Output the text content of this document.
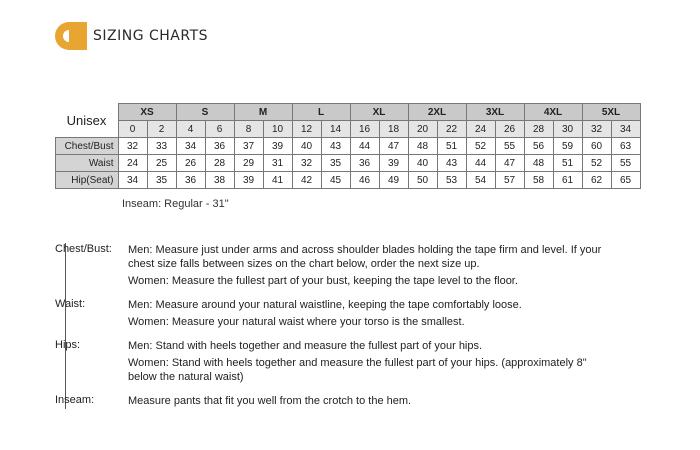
SIZING CHARTS
Unisex	XS		S		M		L		XL		2XL		3XL		4XL		5XL	
	0	2	4	6	8	10	12	14	16	18	20	22	24	26	28	30	32	34
Chest/Bust	32	33	34	36	37	39	40	43	44	47	48	51	52	55	56	59	60	63
Waist	24	25	26	28	29	31	32	35	36	39	40	43	44	47	48	51	52	55
Hip(Seat)	34	35	36	38	39	41	42	45	46	49	50	53	54	57	58	61	62	65
Inseam: Regular - 31"
Chest/Bust:	Men: Measure just under arms and across shoulder blades holding the tape firm and level. If your
chest size falls between sizes on the chart below, order the next size up.
Women: Measure the fullest part of your bust, keeping the tape level to the floor.
Waist:	Men: Measure around your natural waistline, keeping the tape comfortably loose.
Women: Measure your natural waist where your torso is the smallest.
Hips:	Men: Stand with heels together and measure the fullest part of your hips.
Women: Stand with heels together and measure the fullest part of your hips. (approximately 8"
below the natural waist)
Inseam:	Measure pants that fit you well from the crotch to the hem.
